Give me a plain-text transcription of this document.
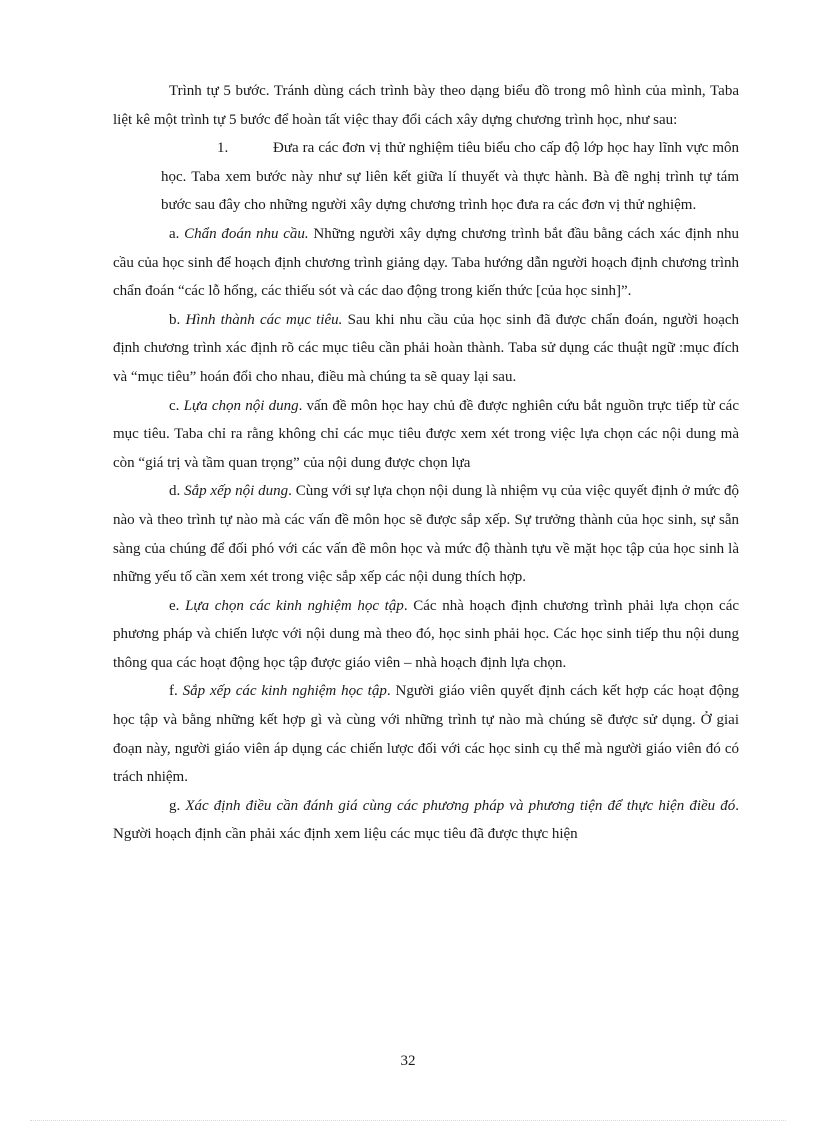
Trình tự 5 bước. Tránh dùng cách trình bày theo dạng biểu đồ trong mô hình của mình, Taba liệt kê một trình tự 5 bước để hoàn tất việc thay đổi cách xây dựng chương trình học, như sau:

1.	Đưa ra các đơn vị thử nghiệm tiêu biểu cho cấp độ lớp học hay lĩnh vực môn học. Taba xem bước này như sự liên kết giữa lí thuyết và thực hành. Bà đề nghị trình tự tám bước sau đây cho những người xây dựng chương trình học đưa ra các đơn vị thử nghiệm.

a. Chẩn đoán nhu cầu. Những người xây dựng chương trình bắt đầu bằng cách xác định nhu cầu của học sinh để hoạch định chương trình giảng dạy. Taba hướng dẫn người hoạch định chương trình chẩn đoán “các lỗ hổng, các thiếu sót và các dao động trong kiến thức [của học sinh]”.

b. Hình thành các mục tiêu. Sau khi nhu cầu của học sinh đã được chẩn đoán, người hoạch định chương trình xác định rõ các mục tiêu cần phải hoàn thành. Taba sử dụng các thuật ngữ :mục đích và “mục tiêu” hoán đổi cho nhau, điều mà chúng ta sẽ quay lại sau.

c. Lựa chọn nội dung. vấn đề môn học hay chủ đề được nghiên cứu bắt nguồn trực tiếp từ các mục tiêu. Taba chỉ ra rằng không chỉ các mục tiêu được xem xét trong việc lựa chọn các nội dung mà còn “giá trị và tầm quan trọng” của nội dung được chọn lựa

d. Sắp xếp nội dung. Cùng với sự lựa chọn nội dung là nhiệm vụ của việc quyết định ở mức độ nào và theo trình tự nào mà các vấn đề môn học sẽ được sắp xếp. Sự trưởng thành của học sinh, sự sẵn sàng của chúng để đối phó với các vấn đề môn học và mức độ thành tựu về mặt học tập của học sinh là những yếu tố cần xem xét trong việc sắp xếp các nội dung thích hợp.

e. Lựa chọn các kinh nghiệm học tập. Các nhà hoạch định chương trình phải lựa chọn các phương pháp và chiến lược với nội dung mà theo đó, học sinh phải học. Các học sinh tiếp thu nội dung thông qua các hoạt động học tập được giáo viên – nhà hoạch định lựa chọn.

f. Sắp xếp các kinh nghiệm học tập. Người giáo viên quyết định cách kết hợp các hoạt động học tập và bằng những kết hợp gì và cùng với những trình tự nào mà chúng sẽ được sử dụng. Ở giai đoạn này, người giáo viên áp dụng các chiến lược đối với các học sinh cụ thể mà người giáo viên đó có trách nhiệm.

g. Xác định điều cần đánh giá cùng các phương pháp và phương tiện để thực hiện điều đó. Người hoạch định cần phải xác định xem liệu các mục tiêu đã được thực hiện

32
